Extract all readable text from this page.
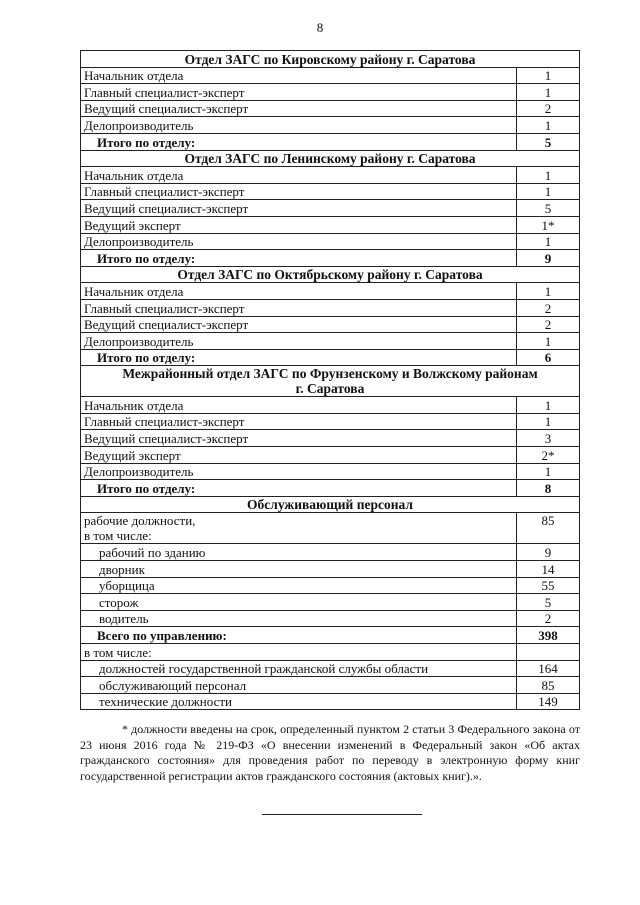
8
Отдел ЗАГС по Кировскому району г. Саратова	
Начальник отдела	1
Главный специалист-эксперт	1
Ведущий специалист-эксперт	2
Делопроизводитель	1
Итого по отделу:	5
Отдел ЗАГС по Ленинскому району г. Саратова	
Начальник отдела	1
Главный специалист-эксперт	1
Ведущий специалист-эксперт	5
Ведущий эксперт	1*
Делопроизводитель	1
Итого по отделу:	9
Отдел ЗАГС по Октябрьскому району г. Саратова	
Начальник отдела	1
Главный специалист-эксперт	2
Ведущий специалист-эксперт	2
Делопроизводитель	1
Итого по отделу:	6
Межрайонный отдел ЗАГС по Фрунзенскому и Волжскому районам
г. Саратова	
Начальник отдела	1
Главный специалист-эксперт	1
Ведущий специалист-эксперт	3
Ведущий эксперт	2*
Делопроизводитель	1
Итого по отделу:	8
Обслуживающий персонал	
рабочие должности,
в том числе:	85
рабочий по зданию	9
дворник	14
уборщица	55
сторож	5
водитель	2
Всего по управлению:	398
в том числе:	
должностей государственной гражданской службы области	164
обслуживающий персонал	85
технические должности	149
* должности введены на срок, определенный пунктом 2 статьи 3 Федерального закона от 23 июня 2016 года № 219-ФЗ «О внесении изменений в Федеральный закон «Об актах гражданского состояния» для проведения работ по переводу в электронную форму книг государственной регистрации актов гражданского состояния (актовых книг).».
